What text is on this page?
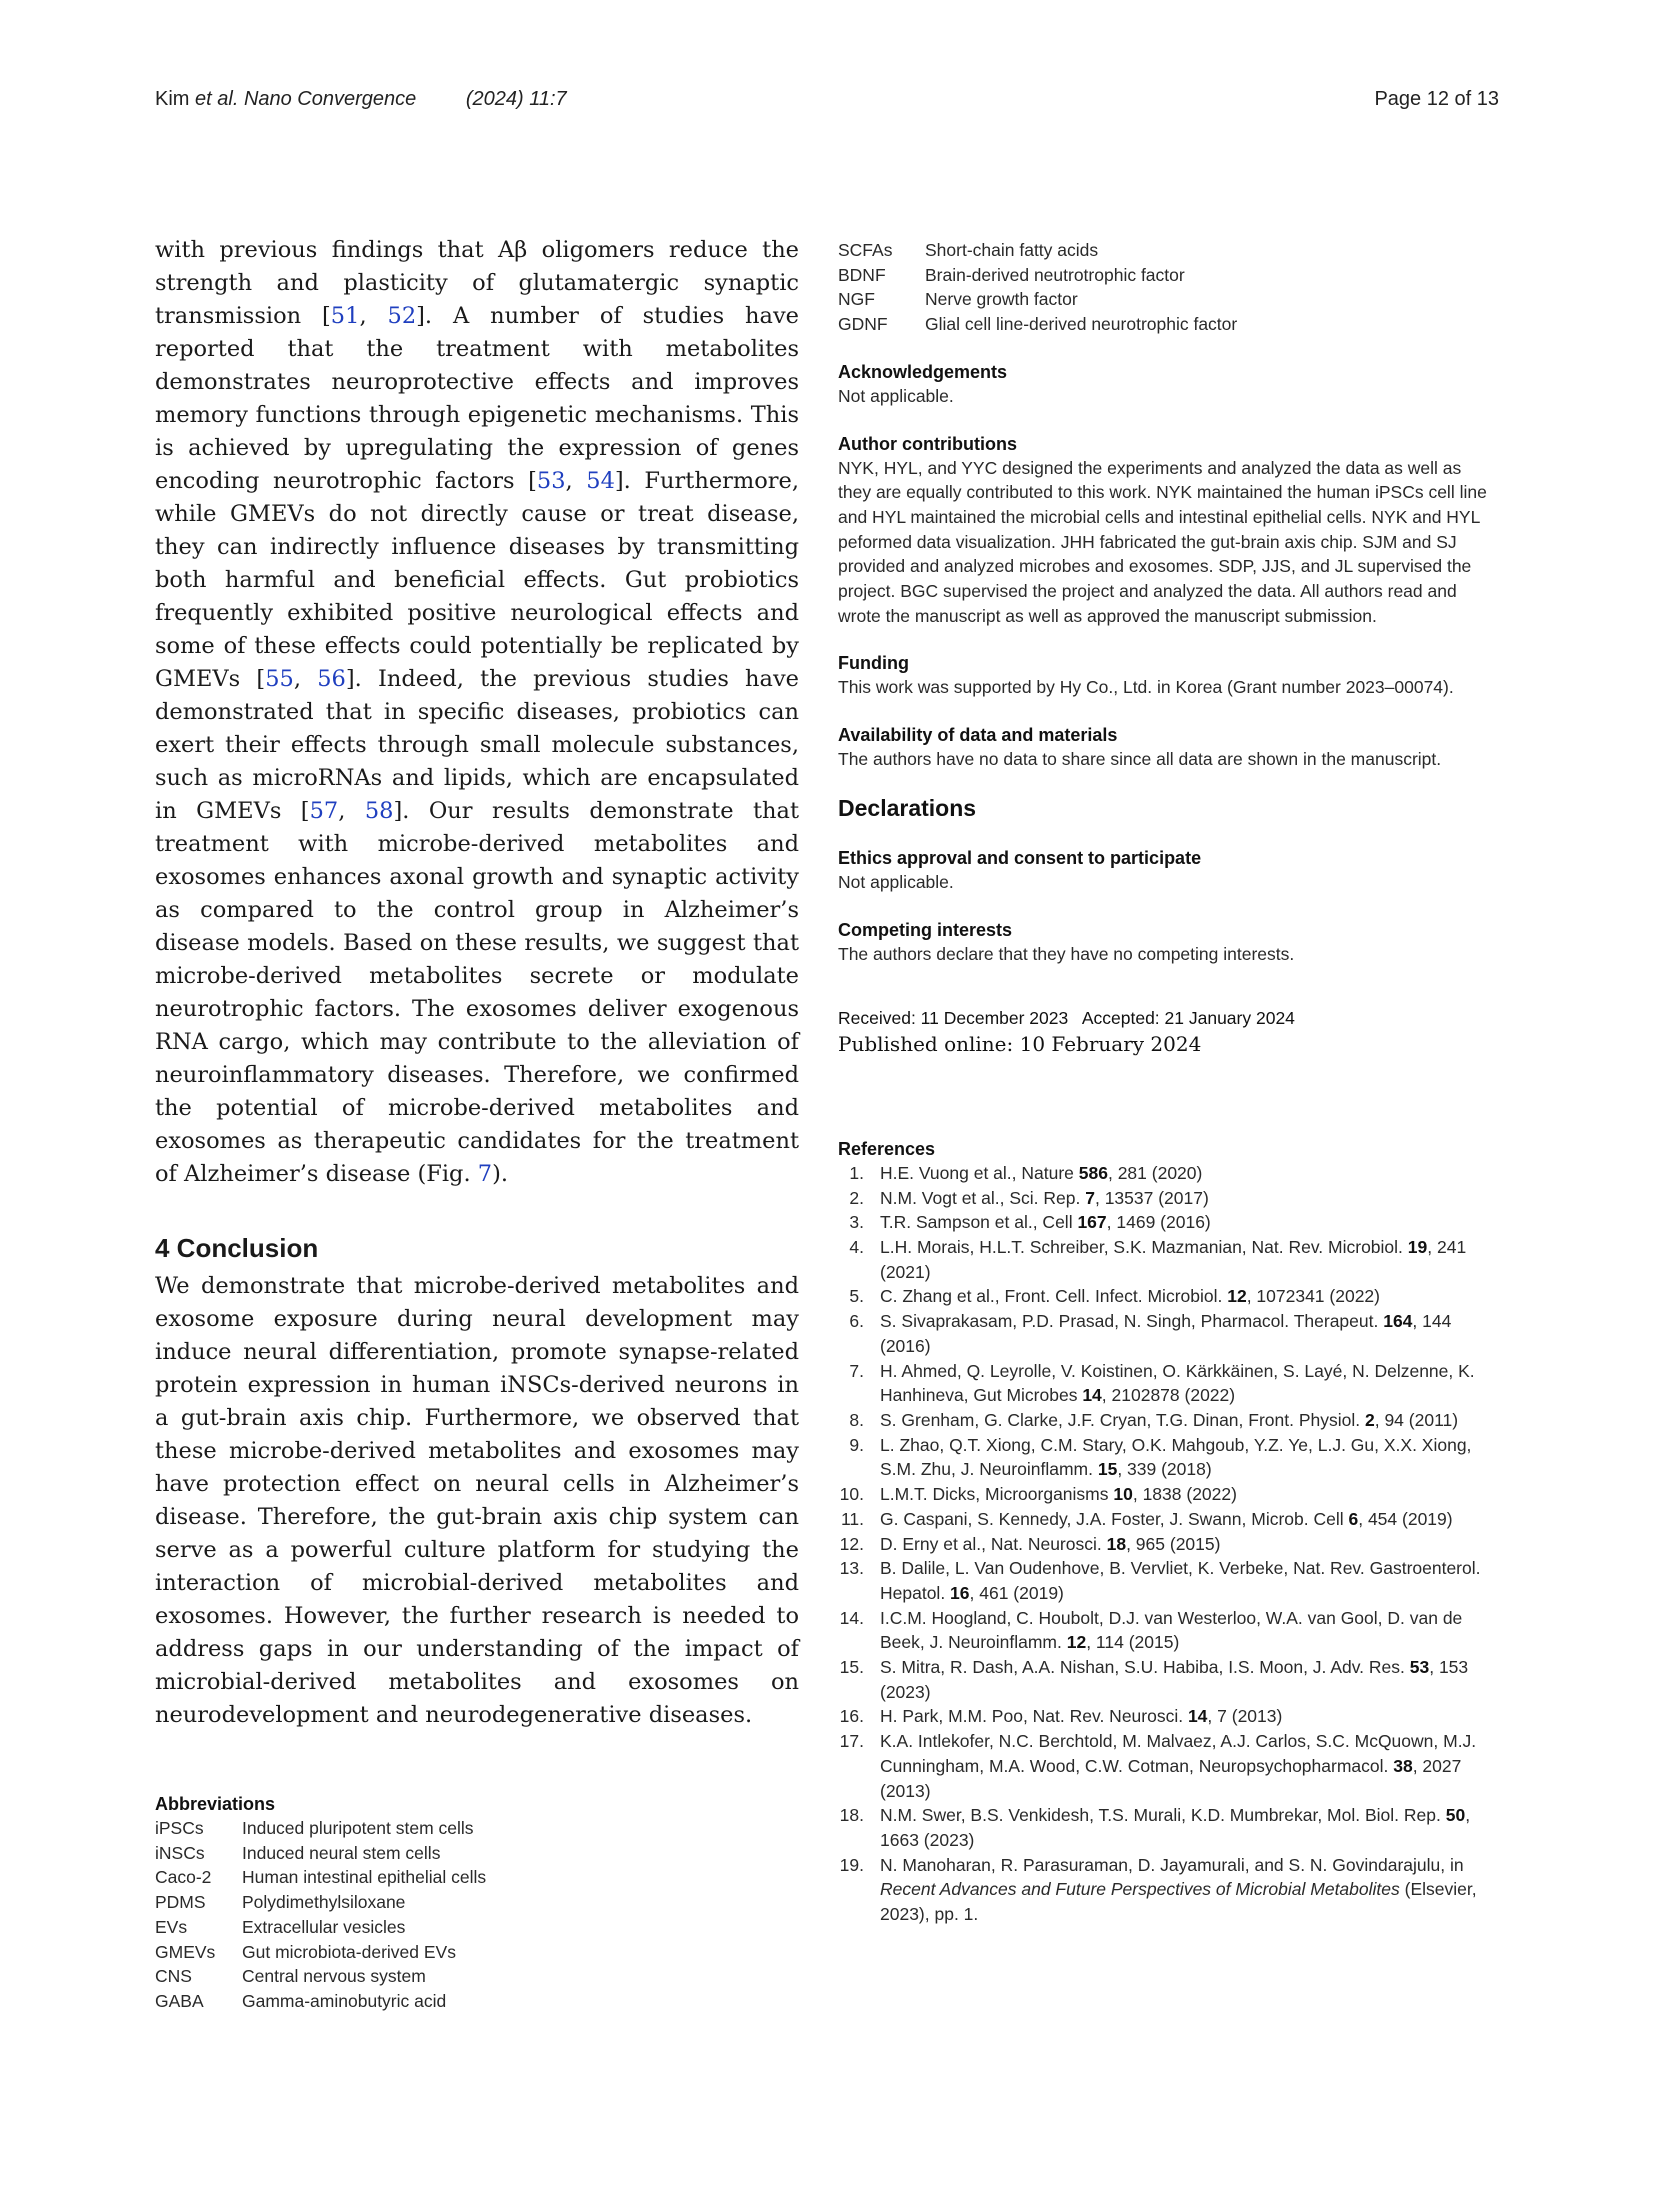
Kim et al. Nano Convergence (2024) 11:7	Page 12 of 13

with previous findings that Aβ oligomers reduce the strength and plasticity of glutamatergic synaptic transmission [51, 52]. A number of studies have reported that the treatment with metabolites demonstrates neuroprotective effects and improves memory functions through epigenetic mechanisms. This is achieved by upregulating the expression of genes encoding neurotrophic factors [53, 54]. Furthermore, while GMEVs do not directly cause or treat disease, they can indirectly influence diseases by transmitting both harmful and beneficial effects. Gut probiotics frequently exhibited positive neurological effects and some of these effects could potentially be replicated by GMEVs [55, 56]. Indeed, the previous studies have demonstrated that in specific diseases, probiotics can exert their effects through small molecule substances, such as microRNAs and lipids, which are encapsulated in GMEVs [57, 58]. Our results demonstrate that treatment with microbe-derived metabolites and exosomes enhances axonal growth and synaptic activity as compared to the control group in Alzheimer’s disease models. Based on these results, we suggest that microbe-derived metabolites secrete or modulate neurotrophic factors. The exosomes deliver exogenous RNA cargo, which may contribute to the alleviation of neuroinflammatory diseases. Therefore, we confirmed the potential of microbe-derived metabolites and exosomes as therapeutic candidates for the treatment of Alzheimer’s disease (Fig. 7).

4 Conclusion

We demonstrate that microbe-derived metabolites and exosome exposure during neural development may induce neural differentiation, promote synapse-related protein expression in human iNSCs-derived neurons in a gut-brain axis chip. Furthermore, we observed that these microbe-derived metabolites and exosomes may have protection effect on neural cells in Alzheimer’s disease. Therefore, the gut-brain axis chip system can serve as a powerful culture platform for studying the interaction of microbial-derived metabolites and exosomes. However, the further research is needed to address gaps in our understanding of the impact of microbial-derived metabolites and exosomes on neurodevelopment and neurodegenerative diseases.

Abbreviations
iPSCs	Induced pluripotent stem cells
iNSCs	Induced neural stem cells
Caco-2	Human intestinal epithelial cells
PDMS	Polydimethylsiloxane
EVs	Extracellular vesicles
GMEVs	Gut microbiota-derived EVs
CNS	Central nervous system
GABA	Gamma-aminobutyric acid
SCFAs	Short-chain fatty acids
BDNF	Brain-derived neutrotrophic factor
NGF	Nerve growth factor
GDNF	Glial cell line-derived neurotrophic factor
Acknowledgements
Not applicable.
Author contributions
NYK, HYL, and YYC designed the experiments and analyzed the data as well as they are equally contributed to this work. NYK maintained the human iPSCs cell line and HYL maintained the microbial cells and intestinal epithelial cells. NYK and HYL peformed data visualization. JHH fabricated the gut-brain axis chip. SJM and SJ provided and analyzed microbes and exosomes. SDP, JJS, and JL supervised the project. BGC supervised the project and analyzed the data. All authors read and wrote the manuscript as well as approved the manuscript submission.
Funding
This work was supported by Hy Co., Ltd. in Korea (Grant number 2023–00074).
Availability of data and materials
The authors have no data to share since all data are shown in the manuscript.
Declarations
Ethics approval and consent to participate
Not applicable.
Competing interests
The authors declare that they have no competing interests.
Received: 11 December 2023   Accepted: 21 January 2024
Published online: 10 February 2024
References
1. H.E. Vuong et al., Nature 586, 281 (2020)
2. N.M. Vogt et al., Sci. Rep. 7, 13537 (2017)
3. T.R. Sampson et al., Cell 167, 1469 (2016)
4. L.H. Morais, H.L.T. Schreiber, S.K. Mazmanian, Nat. Rev. Microbiol. 19, 241 (2021)
5. C. Zhang et al., Front. Cell. Infect. Microbiol. 12, 1072341 (2022)
6. S. Sivaprakasam, P.D. Prasad, N. Singh, Pharmacol. Therapeut. 164, 144 (2016)
7. H. Ahmed, Q. Leyrolle, V. Koistinen, O. Kärkkäinen, S. Layé, N. Delzenne, K. Hanhineva, Gut Microbes 14, 2102878 (2022)
8. S. Grenham, G. Clarke, J.F. Cryan, T.G. Dinan, Front. Physiol. 2, 94 (2011)
9. L. Zhao, Q.T. Xiong, C.M. Stary, O.K. Mahgoub, Y.Z. Ye, L.J. Gu, X.X. Xiong, S.M. Zhu, J. Neuroinflamm. 15, 339 (2018)
10. L.M.T. Dicks, Microorganisms 10, 1838 (2022)
11. G. Caspani, S. Kennedy, J.A. Foster, J. Swann, Microb. Cell 6, 454 (2019)
12. D. Erny et al., Nat. Neurosci. 18, 965 (2015)
13. B. Dalile, L. Van Oudenhove, B. Vervliet, K. Verbeke, Nat. Rev. Gastroenterol. Hepatol. 16, 461 (2019)
14. I.C.M. Hoogland, C. Houbolt, D.J. van Westerloo, W.A. van Gool, D. van de Beek, J. Neuroinflamm. 12, 114 (2015)
15. S. Mitra, R. Dash, A.A. Nishan, S.U. Habiba, I.S. Moon, J. Adv. Res. 53, 153 (2023)
16. H. Park, M.M. Poo, Nat. Rev. Neurosci. 14, 7 (2013)
17. K.A. Intlekofer, N.C. Berchtold, M. Malvaez, A.J. Carlos, S.C. McQuown, M.J. Cunningham, M.A. Wood, C.W. Cotman, Neuropsychopharmacol. 38, 2027 (2013)
18. N.M. Swer, B.S. Venkidesh, T.S. Murali, K.D. Mumbrekar, Mol. Biol. Rep. 50, 1663 (2023)
19. N. Manoharan, R. Parasuraman, D. Jayamurali, and S. N. Govindarajulu, in Recent Advances and Future Perspectives of Microbial Metabolites (Elsevier, 2023), pp. 1.
